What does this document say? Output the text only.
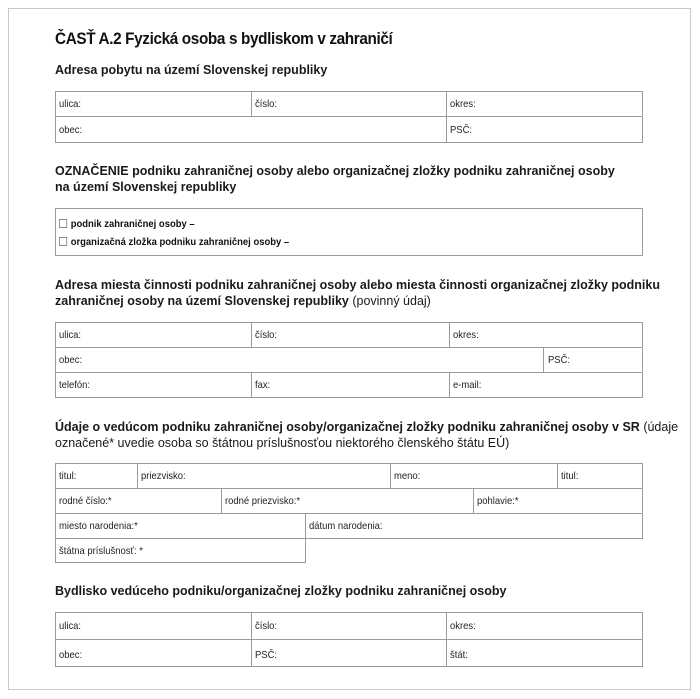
ČASŤ A.2 Fyzická osoba s bydliskom v zahraničí
Adresa pobytu na území Slovenskej republiky
ulica:	číslo:	okres:
obec:	PSČ:
OZNAČENIE podniku zahraničnej osoby alebo organizačnej zložky podniku zahraničnej osoby
na území Slovenskej republiky
podnik zahraničnej osoby –
organizačná zložka podniku zahraničnej osoby –
Adresa miesta činnosti podniku zahraničnej osoby alebo miesta činnosti organizačnej zložky podniku
zahraničnej osoby na území Slovenskej republiky (povinný údaj)
ulica:	číslo:	okres:
obec:	PSČ:
telefón:	fax:	e-mail:
Údaje o vedúcom podniku zahraničnej osoby/organizačnej zložky podniku zahraničnej osoby v SR (údaje
označené* uvedie osoba so štátnou príslušnosťou niektorého členského štátu EÚ)
titul:	priezvisko:	meno:	titul:
rodné číslo:*	rodné priezvisko:*	pohlavie:*
miesto narodenia:*	dátum narodenia:
štátna príslušnosť: *
Bydlisko vedúceho podniku/organizačnej zložky podniku zahraničnej osoby
ulica:	číslo:	okres:
obec:	PSČ:	štát:
